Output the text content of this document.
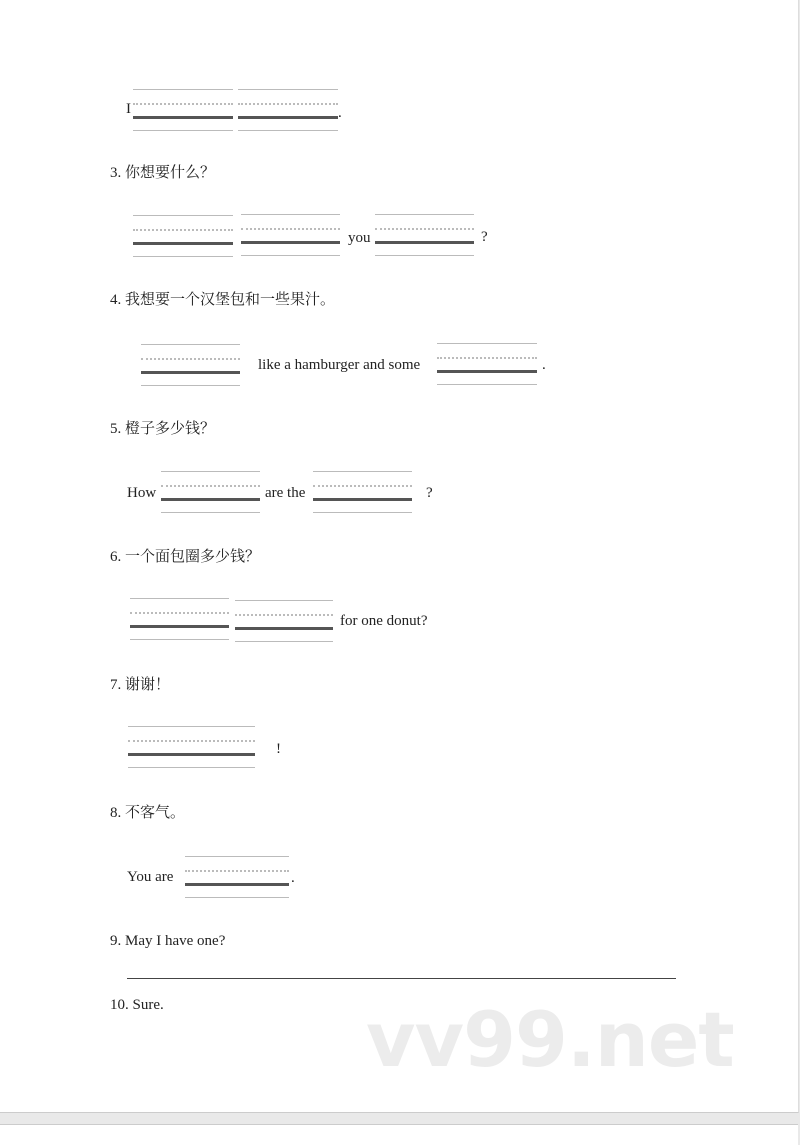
I	.
3. 你想要什么？
you	?
4. 我想要一个汉堡包和一些果汁。
like a hamburger and some	.
5. 橙子多少钱？
How	are the	?
6. 一个面包圈多少钱？
for one donut?
7. 谢谢！
!
8. 不客气。
You are	.
9. May I have one?
10. Sure.	vv99.net
